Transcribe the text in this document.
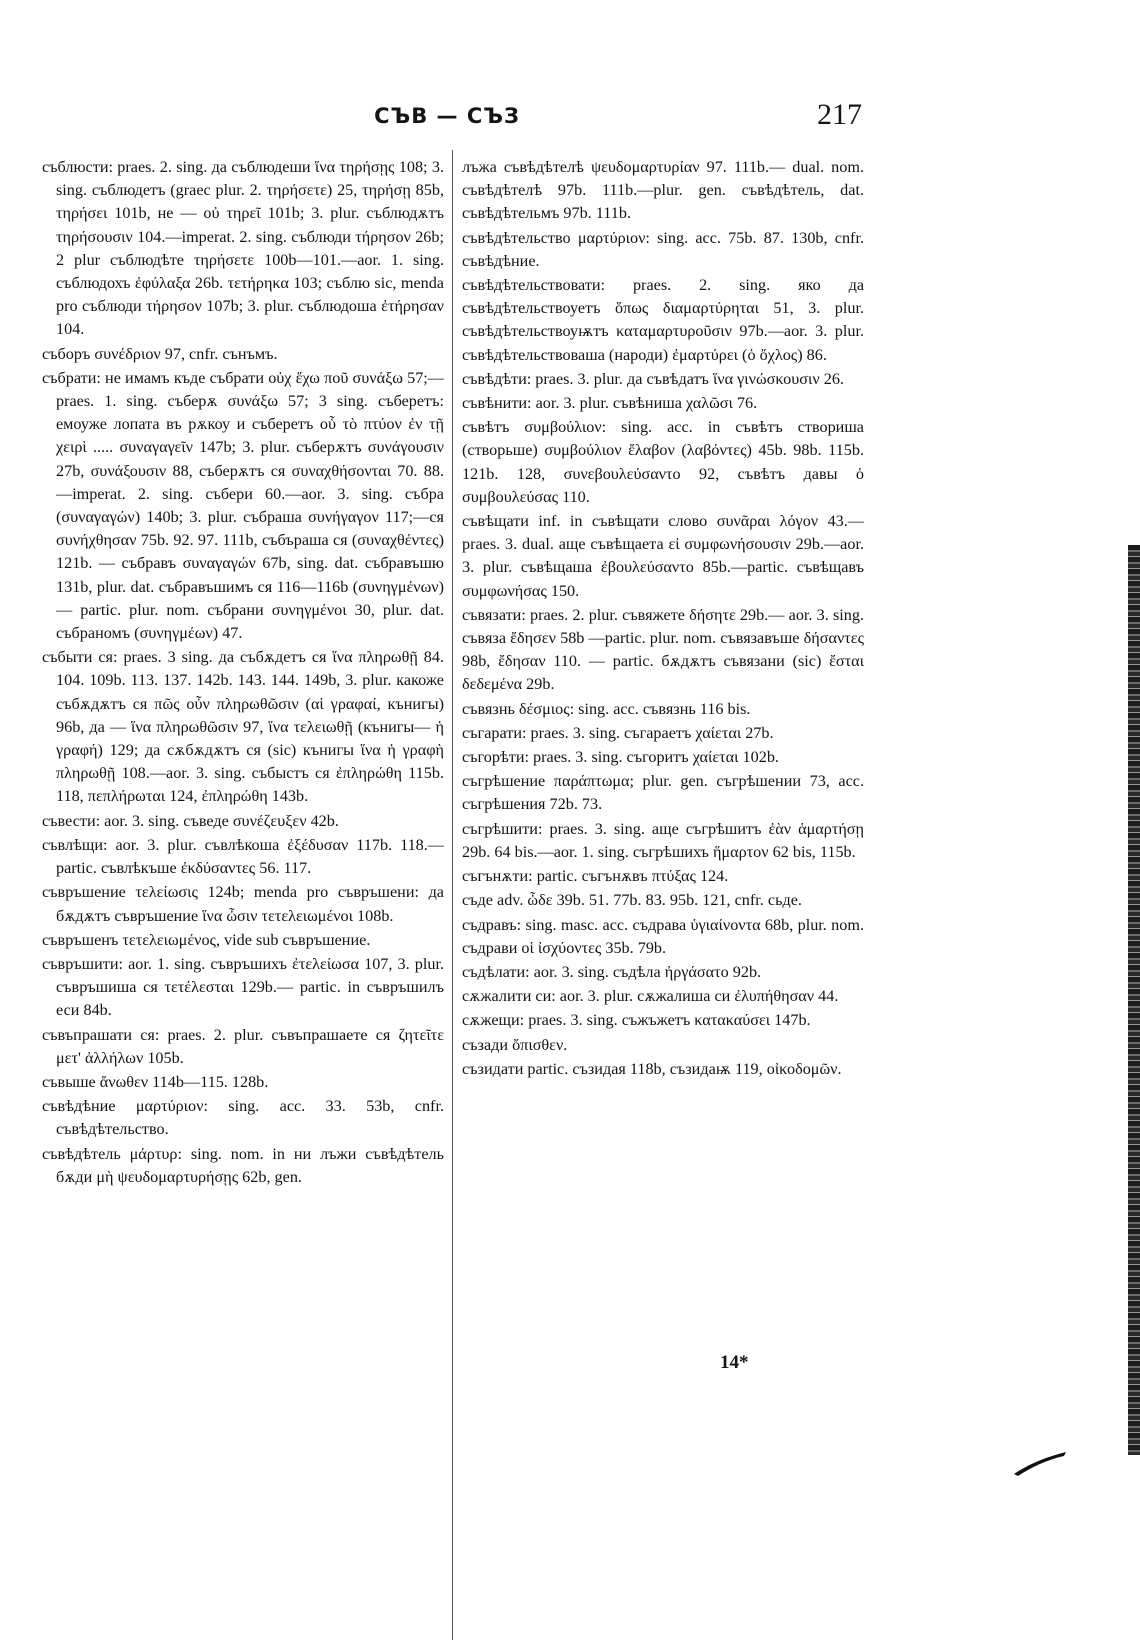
СЪВ — СЪЗ	217

съблюсти: praes. 2. sing. да съблюдеши ἵνα τηρήσῃς 108; 3. sing. съблюдетъ (graec plur. 2. τηρήσετε) 25, τηρήσῃ 85b, τηρήσει 101b, не — οὐ τηρεῖ 101b; 3. plur. съблюдѫтъ τηρήσουσιν 104.—imperat. 2. sing. съблюди τήρησον 26b; 2 plur съблюдѣте τηρήσετε 100b—101.—aor. 1. sing. съблюдохъ ἐφύλαξα 26b. τετήρηκα 103; съблю sic, menda pro съблюди τήρησον 107b; 3. plur. съблюдоша ἐτήρησαν 104.

съборъ συνέδριον 97, cnfr. сънъмъ.

събрати: не имамъ къде събрати οὐχ ἔχω ποῦ συνάξω 57;—praes. 1. sing. съберѫ συνάξω 57; 3 sing. съберетъ: емоуже лопата въ рѫкоу и съберетъ οὗ τὸ πτύον ἐν τῇ χειρὶ ..... συναγαγεῖν 147b; 3. plur. съберѫтъ συνάγουσιν 27b, συνάξουσιν 88, съберѫтъ ся συναχθήσονται 70. 88.—imperat. 2. sing. събери 60.—aor. 3. sing. събра (συναγαγών) 140b; 3. plur. събраша συνήγαγον 117;—ся συνήχθησαν 75b. 92. 97. 111b, събъраша ся (συναχθέντες) 121b. — събравъ συναγαγών 67b, sing. dat. събравъшю 131b, plur. dat. събравъшимъ ся 116—116b (συνηγμένων) — partic. plur. nom. събрани συνηγμένοι 30, plur. dat. събраномъ (συνηγμέων) 47.

събыти ся: praes. 3 sing. да събѫдетъ ся ἵνα πληρωθῇ 84. 104. 109b. 113. 137. 142b. 143. 144. 149b, 3. plur. какоже събѫдѫтъ ся πῶς οὖν πληρωθῶσιν (αἱ γραφαί, кънигы) 96b, да — ἵνα πληρωθῶσιν 97, ἵνα τελειωθῇ (кънигы— ἡ γραφή) 129; да сѫбѫдѫтъ ся (sic) кънигы ἵνα ἡ γραφὴ πληρωθῇ 108.—aor. 3. sing. събыстъ ся ἐπληρώθη 115b. 118, πεπλήρωται 124, ἐπληρώθη 143b.

съвести: aor. 3. sing. съведе συνέζευξεν 42b.

съвлѣщи: aor. 3. plur. съвлѣкоша ἐξέδυσαν 117b. 118.—partic. съвлѣкъше ἐκδύσαντες 56. 117.

съвръшение τελείωσις 124b; menda pro съвръшени: да бѫдѫтъ съвръшение ἵνα ὦσιν τετελειωμένοι 108b.

съвръшенъ τετελειωμένος, vide sub съвръшение.

съвръшити: aor. 1. sing. съвръшихъ ἐτελείωσα 107, 3. plur. съвръшиша ся τετέλεσται 129b.— partic. in съвръшилъ еси 84b.

съвъпрашати ся: praes. 2. plur. съвъпрашаете ся ζητεῖτε μετ' ἀλλήλων 105b.

съвыше ἄνωθεν 114b—115. 128b.

съвѣдѣние μαρτύριον: sing. acc. 33. 53b, cnfr. съвѣдѣтельство.

съвѣдѣтель μάρτυρ: sing. nom. in ни лъжи съвѣдѣтель бѫди μὴ ψευδομαρτυρήσῃς 62b, gen.

лъжа съвѣдѣтелѣ ψευδομαρτυρίαν 97. 111b.— dual. nom. съвѣдѣтелѣ 97b. 111b.—plur. gen. съвѣдѣтель, dat. съвѣдѣтельмъ 97b. 111b.

съвѣдѣтельство μαρτύριον: sing. acc. 75b. 87. 130b, cnfr. съвѣдѣние.

съвѣдѣтельствовати: praes. 2. sing. яко да съвѣдѣтельствоуетъ ὅπως διαμαρτύρηται 51, 3. plur. съвѣдѣтельствоуѭтъ καταμαρτυροῦσιν 97b.—aor. 3. plur. съвѣдѣтельствоваша (народи) ἐμαρτύρει (ὁ ὄχλος) 86.

съвѣдѣти: praes. 3. plur. да съвѣдатъ ἵνα γινώσκουσιν 26.

съвѣнити: aor. 3. plur. съвѣниша χαλῶσι 76.

съвѣтъ συμβούλιον: sing. acc. in съвѣтъ створиша (створьше) συμβούλιον ἔλαβον (λαβόντες) 45b. 98b. 115b. 121b. 128, συνεβουλεύσαντο 92, съвѣтъ давы ὁ συμβουλεύσας 110.

съвѣщати inf. in съвѣщати слово συνᾶραι λόγον 43.—praes. 3. dual. аще съвѣщаета εἰ συμφωνήσουσιν 29b.—aor. 3. plur. съвѣщаша ἐβουλεύσαντο 85b.—partic. съвѣщавъ συμφωνήσας 150.

съвязати: praes. 2. plur. съвяжете δήσητε 29b.— aor. 3. sing. съвяза ἔδησεν 58b —partic. plur. nom. съвязавъше δήσαντες 98b, ἔδησαν 110. — partic. бѫдѫтъ съвязани (sic) ἔσται δεδεμένα 29b.

съвязнь δέσμιος: sing. acc. съвязнь 116 bis.

съгарати: praes. 3. sing. съгараетъ χαίεται 27b.

съгорѣти: praes. 3. sing. съгоритъ χαίεται 102b.

съгрѣшение παράπτωμα; plur. gen. съгрѣшении 73, acc. съгрѣшения 72b. 73.

съгрѣшити: praes. 3. sing. аще съгрѣшитъ ἐὰν ἁμαρτήσῃ 29b. 64 bis.—aor. 1. sing. съгрѣшихъ ἥμαρτον 62 bis, 115b.

съгънѫти: partic. съгънѫвъ πτύξας 124.

съде adv. ὧδε 39b. 51. 77b. 83. 95b. 121, cnfr. сьде.

съдравъ: sing. masc. acc. съдрава ὑγιαίνοντα 68b, plur. nom. съдрави οἱ ἰσχύοντες 35b. 79b.

съдѣлати: aor. 3. sing. съдѣла ἠργάσατο 92b.

сѫжалити си: aor. 3. plur. сѫжалиша си ἐλυπήθησαν 44.

сѫжещи: praes. 3. sing. съжъжетъ κατακαύσει 147b.

съзади ὄπισθεν.

съзидати partic. съзидая 118b, съзидаѭ 119, οἰκοδομῶν.

14*
